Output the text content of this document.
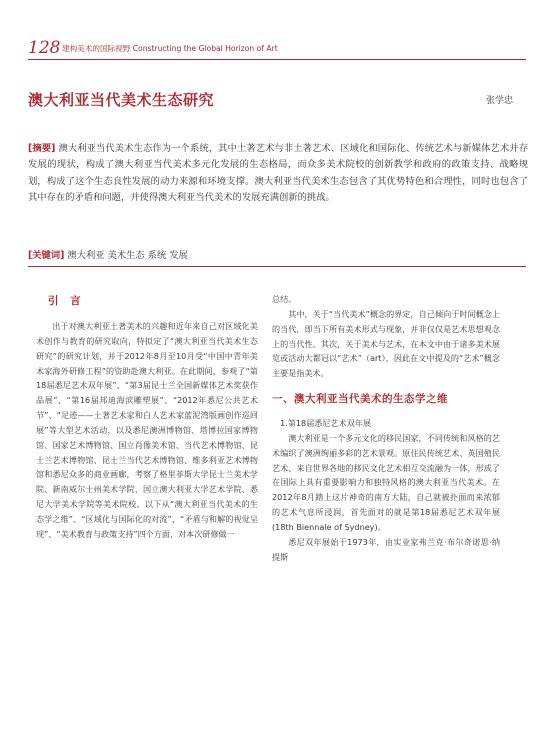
128 建构美术的国际视野 Constructing the Global Horizon of Art
澳大利亚当代美术生态研究	张学忠
[摘要] 澳大利亚当代美术生态作为一个系统，其中土著艺术与非土著艺术、区域化和国际化、传统艺术与新媒体艺术并存发展的现状，构成了澳大利亚当代美术多元化发展的生态格局，而众多美术院校的创新教学和政府的政策支持、战略规划，构成了这个生态良性发展的动力来源和环境支撑。澳大利亚当代美术生态包含了其优势特色和合理性，同时也包含了其中存在的矛盾和问题，并使得澳大利亚当代美术的发展充满创新的挑战。
[关键词] 澳大利亚 美术生态 系统 发展

引 言

出于对澳大利亚土著美术的兴趣和近年来自己对区域化美术创作与教育的研究取向，特拟定了“澳大利亚当代美术生态研究”的研究计划，并于2012年8月至10月受“中国中青年美术家海外研修工程”的资助赴澳大利亚。在此期间，参观了“第18届悉尼艺术双年展”、“第3届昆士兰全国新媒体艺术奖获作品展”、“第16届邦迪海滨雕塑展”、“2012年悉尼公共艺术节”、“足迹——土著艺术家和白人艺术家蓝泥湾版画创作巡回展”等大型艺术活动，以及悉尼澳洲博物馆、塔博拉国家博物馆、国家艺术博物馆、国立肖像美术馆、当代艺术博物馆、昆士兰艺术博物馆、昆士兰当代艺术博物馆、维多利亚艺术博物馆和悉尼众多的商业画廊，考察了格里菲斯大学昆士兰美术学院、新南威尔士州美术学院、国立澳大利亚大学艺术学院、悉尼大学美术学院等美术院校。以下从“澳大利亚当代美术的生态学之维”、“区域化与国际化的对流”、“矛盾与和解的视觉呈现”、“美术教育与政策支持”四个方面，对本次研修做一

总结。

其中，关于“当代美术”概念的界定，自己倾向于时间概念上的当代，即当下所有美术形式与现象，并非仅仅是艺术思想观念上的当代性。其次，关于美术与艺术，在本文中由于诸多美术展览或活动大都冠以“艺术”（art），因此在文中提及的“艺术”概念主要是指美术。

一、澳大利亚当代美术的生态学之维

1.第18届悉尼艺术双年展

澳大利亚是一个多元文化的移民国家，不同传统和风格的艺术编织了澳洲绚丽多彩的艺术景观。原住民传统艺术、英国殖民艺术、来自世界各地的移民文化艺术相互交流融为一体，形成了在国际上具有重要影响力和独特风格的澳大利亚当代美术。在2012年8月踏上这片神奇的南方大陆，自己就被扑面而来浓郁的艺术气息所浸润，首先面对的就是第18届悉尼艺术双年展(18th Biennale of Sydney)。

悉尼双年展始于1973年，由实业家弗兰克·布尔奇诺思·纳提斯
